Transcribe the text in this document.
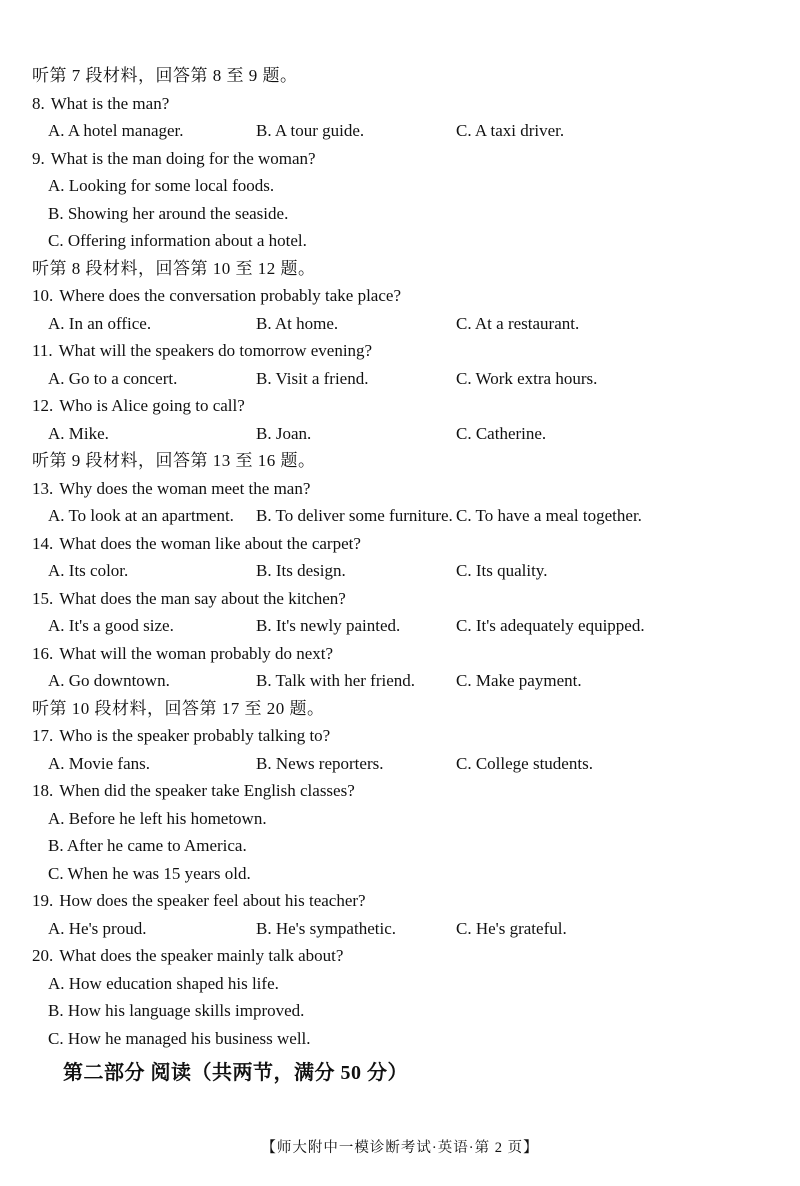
听第 7 段材料，回答第 8 至 9 题。
8. What is the man?
A. A hotel manager.	B. A tour guide.	C. A taxi driver.
9. What is the man doing for the woman?
A. Looking for some local foods.
B. Showing her around the seaside.
C. Offering information about a hotel.
听第 8 段材料，回答第 10 至 12 题。
10. Where does the conversation probably take place?
A. In an office.	B. At home.	C. At a restaurant.
11. What will the speakers do tomorrow evening?
A. Go to a concert.	B. Visit a friend.	C. Work extra hours.
12. Who is Alice going to call?
A. Mike.	B. Joan.	C. Catherine.
听第 9 段材料，回答第 13 至 16 题。
13. Why does the woman meet the man?
A. To look at an apartment.	B. To deliver some furniture. C. To have a meal together.
14. What does the woman like about the carpet?
A. Its color.	B. Its design.	C. Its quality.
15. What does the man say about the kitchen?
A. It's a good size.	B. It's newly painted.	C. It's adequately equipped.
16. What will the woman probably do next?
A. Go downtown.	B. Talk with her friend.	C. Make payment.
听第 10 段材料，回答第 17 至 20 题。
17. Who is the speaker probably talking to?
A. Movie fans.	B. News reporters.	C. College students.
18. When did the speaker take English classes?
A. Before he left his hometown.
B. After he came to America.
C. When he was 15 years old.
19. How does the speaker feel about his teacher?
A. He's proud.	B. He's sympathetic.	C. He's grateful.
20. What does the speaker mainly talk about?
A. How education shaped his life.
B. How his language skills improved.
C. How he managed his business well.
第二部分 阅读（共两节，满分 50 分）
【师大附中一模诊断考试·英语·第 2 页】
